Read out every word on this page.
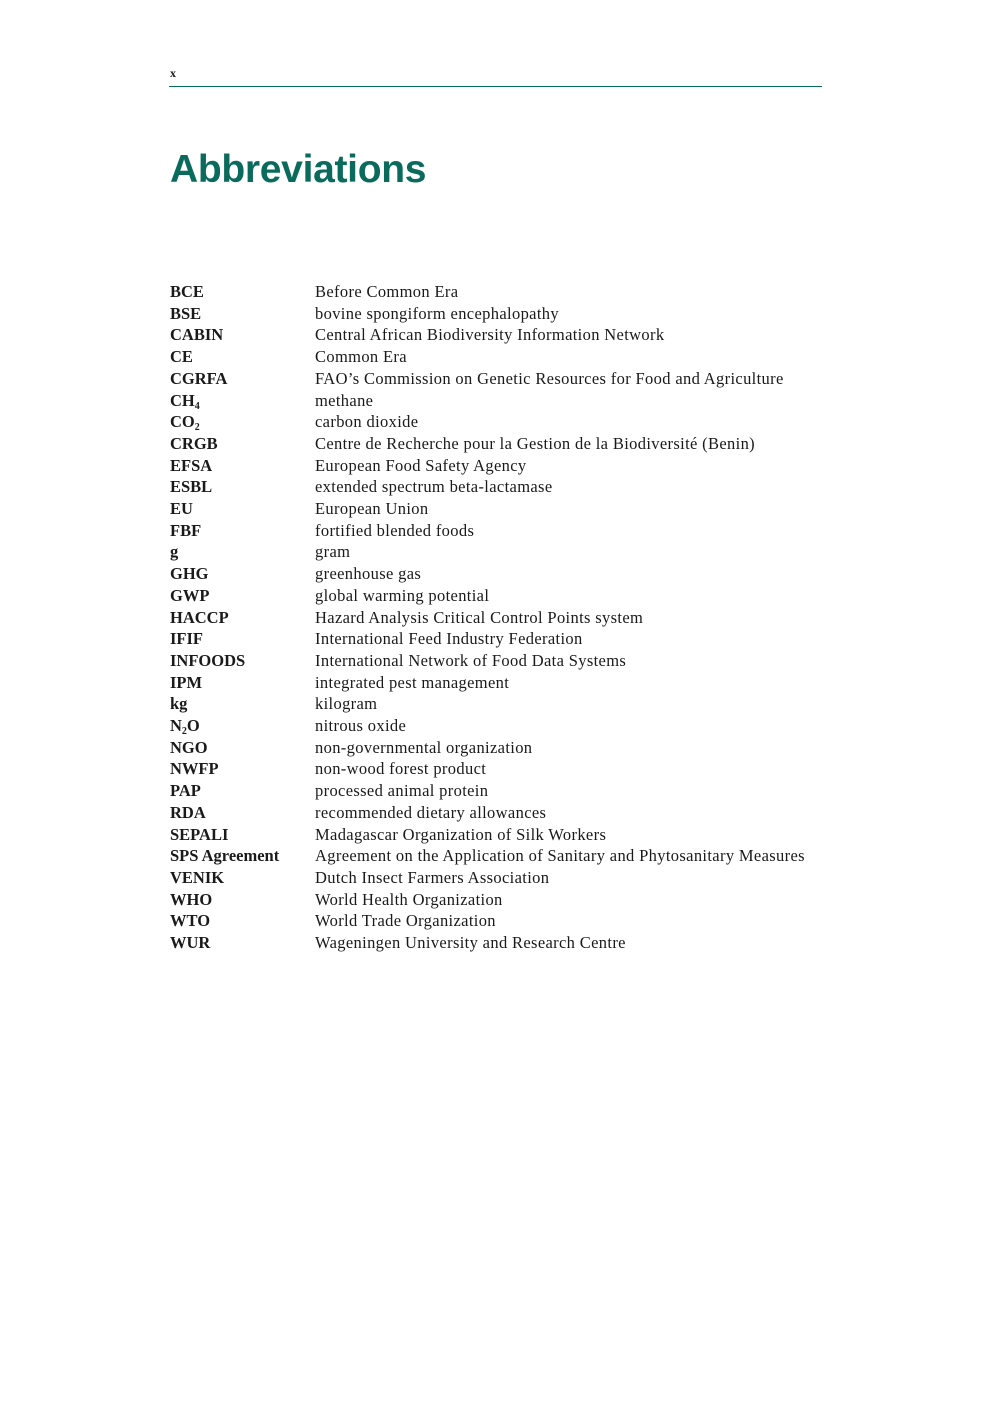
x
Abbreviations
BCE	Before Common Era
BSE	bovine spongiform encephalopathy
CABIN	Central African Biodiversity Information Network
CE	Common Era
CGRFA	FAO’s Commission on Genetic Resources for Food and Agriculture
$CH_4$	methane
$CO_2$	carbon dioxide
CRGB	Centre de Recherche pour la Gestion de la Biodiversité (Benin)
EFSA	European Food Safety Agency
ESBL	extended spectrum beta-lactamase
EU	European Union
FBF	fortified blended foods
g	gram
GHG	greenhouse gas
GWP	global warming potential
HACCP	Hazard Analysis Critical Control Points system
IFIF	International Feed Industry Federation
INFOODS	International Network of Food Data Systems
IPM	integrated pest management
kg	kilogram
$N_2O$	nitrous oxide
NGO	non-governmental organization
NWFP	non-wood forest product
PAP	processed animal protein
RDA	recommended dietary allowances
SEPALI	Madagascar Organization of Silk Workers
SPS Agreement	Agreement on the Application of Sanitary and Phytosanitary Measures
VENIK	Dutch Insect Farmers Association
WHO	World Health Organization
WTO	World Trade Organization
WUR	Wageningen University and Research Centre
